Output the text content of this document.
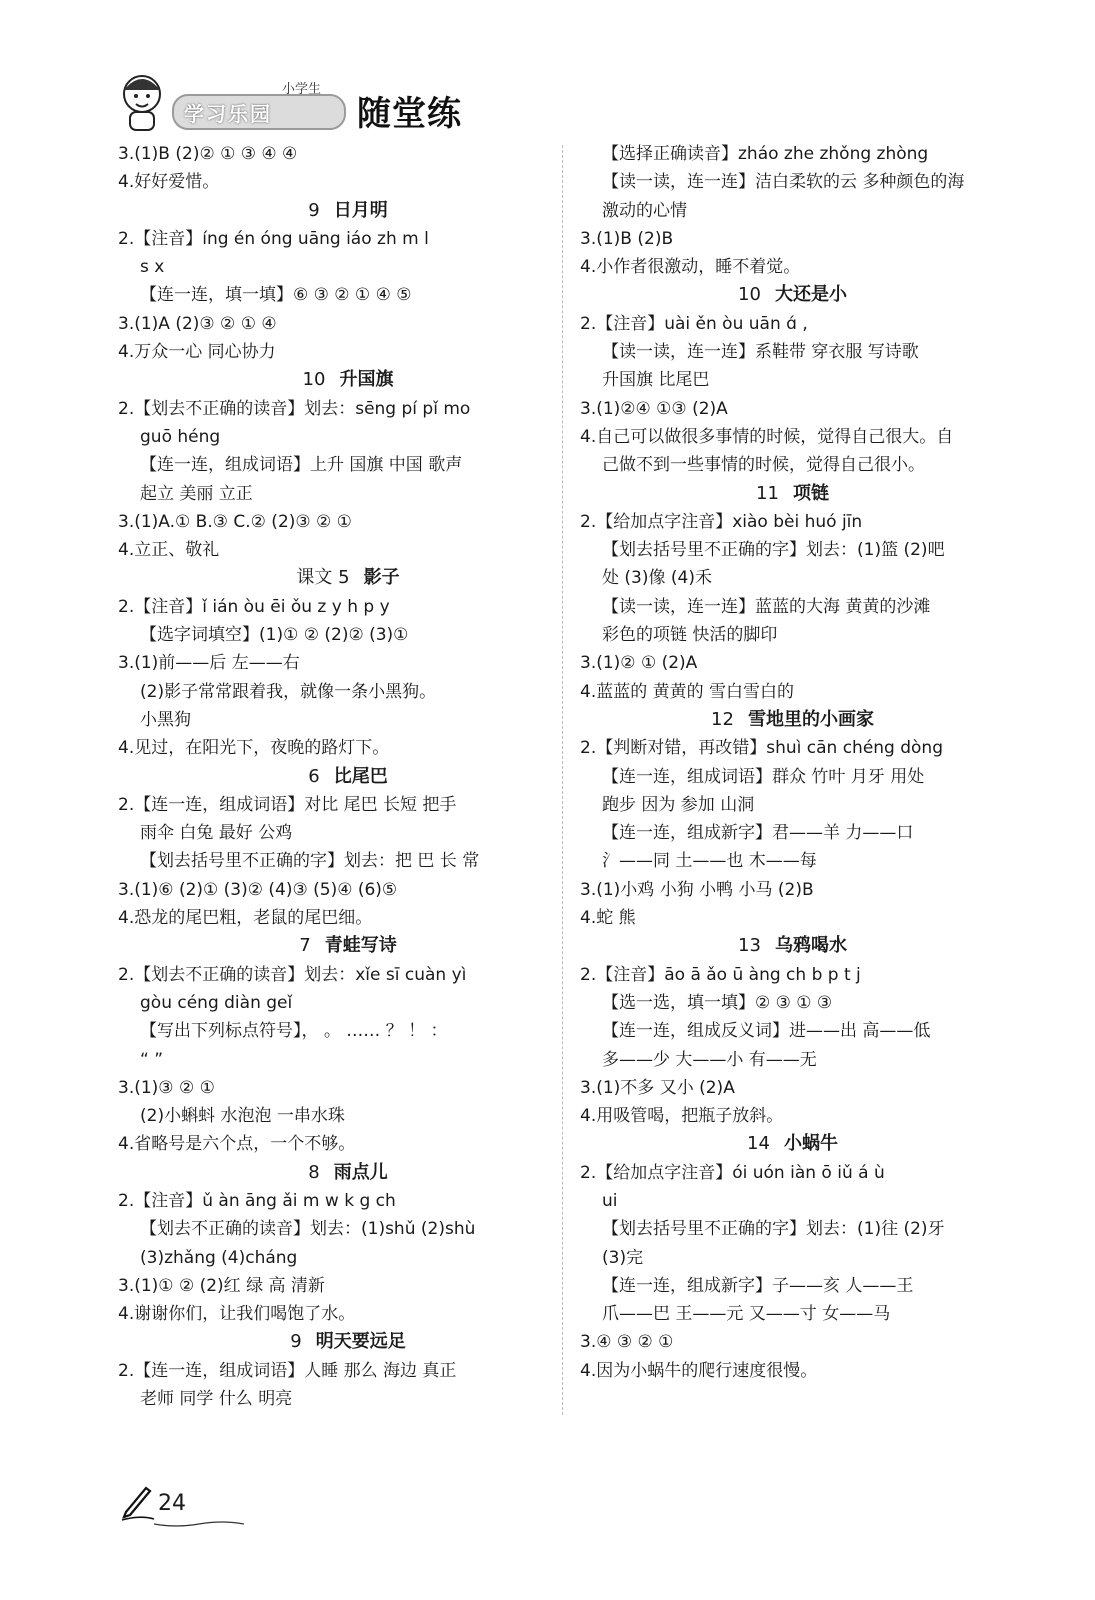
学习乐园
小学生
随堂练
3.(1)B (2)② ① ③ ④ ④
4.好好爱惜。
9 日月明
2.【注音】íng én óng uāng iáo zh m l
s x
【连一连，填一填】⑥ ③ ② ① ④ ⑤
3.(1)A (2)③ ② ① ④
4.万众一心 同心协力
10 升国旗
2.【划去不正确的读音】划去：sēng pí pǐ mo
guō héng
【连一连，组成词语】上升 国旗 中国 歌声
起立 美丽 立正
3.(1)A.① B.③ C.② (2)③ ② ①
4.立正、敬礼
课文 5 影子
2.【注音】ǐ ián òu ēi ǒu z y h p y
【选字词填空】(1)① ② (2)② (3)①
3.(1)前——后 左——右
(2)影子常常跟着我，就像一条小黑狗。
小黑狗
4.见过，在阳光下，夜晚的路灯下。
6 比尾巴
2.【连一连，组成词语】对比 尾巴 长短 把手
雨伞 白兔 最好 公鸡
【划去括号里不正确的字】划去：把 巴 长 常
3.(1)⑥ (2)① (3)② (4)③ (5)④ (6)⑤
4.恐龙的尾巴粗，老鼠的尾巴细。
7 青蛙写诗
2.【划去不正确的读音】划去：xǐe sī cuàn yì
gòu céng diàn geǐ
【写出下列标点符号】， 。 …… ？ ！ ：
“ ”
3.(1)③ ② ①
(2)小蝌蚪 水泡泡 一串水珠
4.省略号是六个点，一个不够。
8 雨点儿
2.【注音】ǔ àn āng ǎi m w k g ch
【划去不正确的读音】划去：(1)shǔ (2)shù
(3)zhǎng (4)cháng
3.(1)① ② (2)红 绿 高 清新
4.谢谢你们，让我们喝饱了水。
9 明天要远足
2.【连一连，组成词语】人睡 那么 海边 真正
老师 同学 什么 明亮
【选择正确读音】zháo zhe zhǒng zhòng
【读一读，连一连】洁白柔软的云 多种颜色的海
激动的心情
3.(1)B (2)B
4.小作者很激动，睡不着觉。
10 大还是小
2.【注音】uài ěn òu uān ɑ́ ,
【读一读，连一连】系鞋带 穿衣服 写诗歌
升国旗 比尾巴
3.(1)②④ ①③ (2)A
4.自己可以做很多事情的时候，觉得自己很大。自
己做不到一些事情的时候，觉得自己很小。
11 项链
2.【给加点字注音】xiào bèi huó jīn
【划去括号里不正确的字】划去：(1)篮 (2)吧
处 (3)像 (4)禾
【读一读，连一连】蓝蓝的大海 黄黄的沙滩
彩色的项链 快活的脚印
3.(1)② ① (2)A
4.蓝蓝的 黄黄的 雪白雪白的
12 雪地里的小画家
2.【判断对错，再改错】shuì cān chéng dòng
【连一连，组成词语】群众 竹叶 月牙 用处
跑步 因为 参加 山洞
【连一连，组成新字】君——羊 力——口
氵——同 土——也 木——每
3.(1)小鸡 小狗 小鸭 小马 (2)B
4.蛇 熊
13 乌鸦喝水
2.【注音】āo ā ǎo ū àng ch b p t j
【选一选，填一填】② ③ ① ③
【连一连，组成反义词】进——出 高——低
多——少 大——小 有——无
3.(1)不多 又小 (2)A
4.用吸管喝，把瓶子放斜。
14 小蜗牛
2.【给加点字注音】ói uón iàn ō iǔ á ù
ui
【划去括号里不正确的字】划去：(1)往 (2)牙
(3)完
【连一连，组成新字】子——亥 人——王
爪——巴 王——元 又——寸 女——马
3.④ ③ ② ①
4.因为小蜗牛的爬行速度很慢。
24
